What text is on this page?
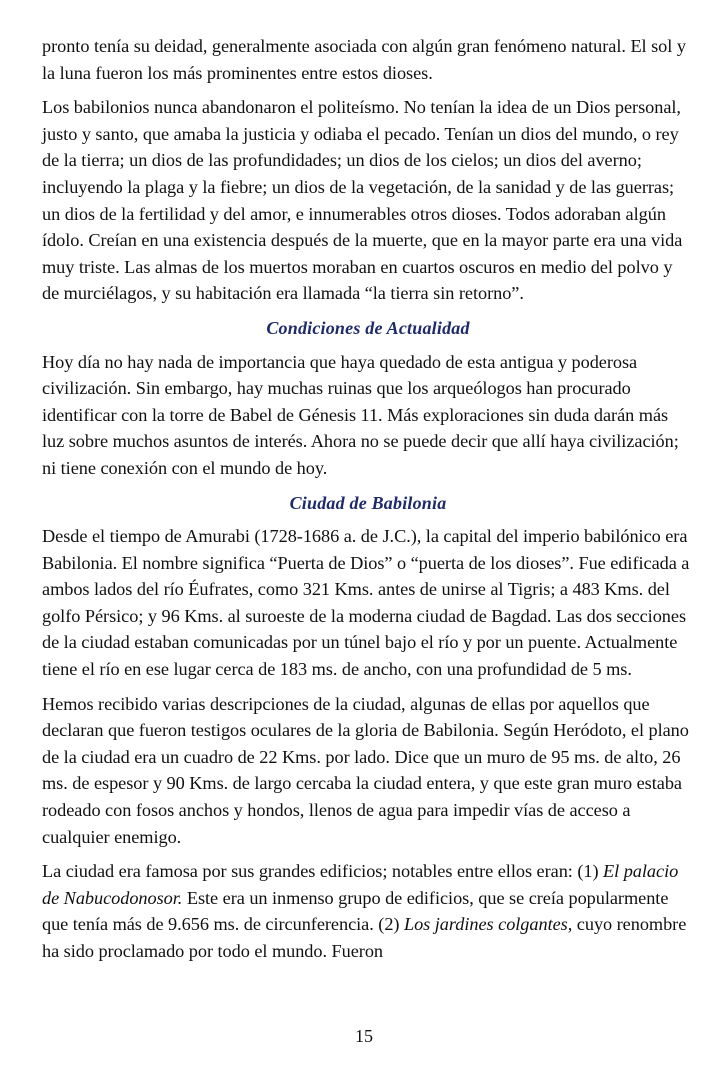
pronto tenía su deidad, generalmente asociada con algún gran fenómeno natural. El sol y la luna fueron los más prominentes entre estos dioses.

Los babilonios nunca abandonaron el politeísmo. No tenían la idea de un Dios personal, justo y santo, que amaba la justicia y odiaba el pecado. Tenían un dios del mundo, o rey de la tierra; un dios de las profundidades; un dios de los cielos; un dios del averno; incluyendo la plaga y la fiebre; un dios de la vegetación, de la sanidad y de las guerras; un dios de la fertilidad y del amor, e innumerables otros dioses. Todos adoraban algún ídolo. Creían en una existencia después de la muerte, que en la mayor parte era una vida muy triste. Las almas de los muertos moraban en cuartos oscuros en medio del polvo y de murciélagos, y su habitación era llamada “la tierra sin retorno”.

Condiciones de Actualidad

Hoy día no hay nada de importancia que haya quedado de esta antigua y poderosa civilización. Sin embargo, hay muchas ruinas que los arqueólogos han procurado identificar con la torre de Babel de Génesis 11. Más exploraciones sin duda darán más luz sobre muchos asuntos de interés. Ahora no se puede decir que allí haya civilización; ni tiene conexión con el mundo de hoy.

Ciudad de Babilonia

Desde el tiempo de Amurabi (1728-1686 a. de J.C.), la capital del imperio babilónico era Babilonia. El nombre significa “Puerta de Dios” o “puerta de los dioses”. Fue edificada a ambos lados del río Éufrates, como 321 Kms. antes de unirse al Tigris; a 483 Kms. del golfo Pérsico; y 96 Kms. al suroeste de la moderna ciudad de Bagdad. Las dos secciones de la ciudad estaban comunicadas por un túnel bajo el río y por un puente. Actualmente tiene el río en ese lugar cerca de 183 ms. de ancho, con una profundidad de 5 ms.

Hemos recibido varias descripciones de la ciudad, algunas de ellas por aquellos que declaran que fueron testigos oculares de la gloria de Babilonia. Según Heródoto, el plano de la ciudad era un cuadro de 22 Kms. por lado. Dice que un muro de 95 ms. de alto, 26 ms. de espesor y 90 Kms. de largo cercaba la ciudad entera, y que este gran muro estaba rodeado con fosos anchos y hondos, llenos de agua para impedir vías de acceso a cualquier enemigo.

La ciudad era famosa por sus grandes edificios; notables entre ellos eran: (1) El palacio de Nabucodonosor. Este era un inmenso grupo de edificios, que se creía popularmente que tenía más de 9.656 ms. de circunferencia. (2) Los jardines colgantes, cuyo renombre ha sido proclamado por todo el mundo. Fueron

15
